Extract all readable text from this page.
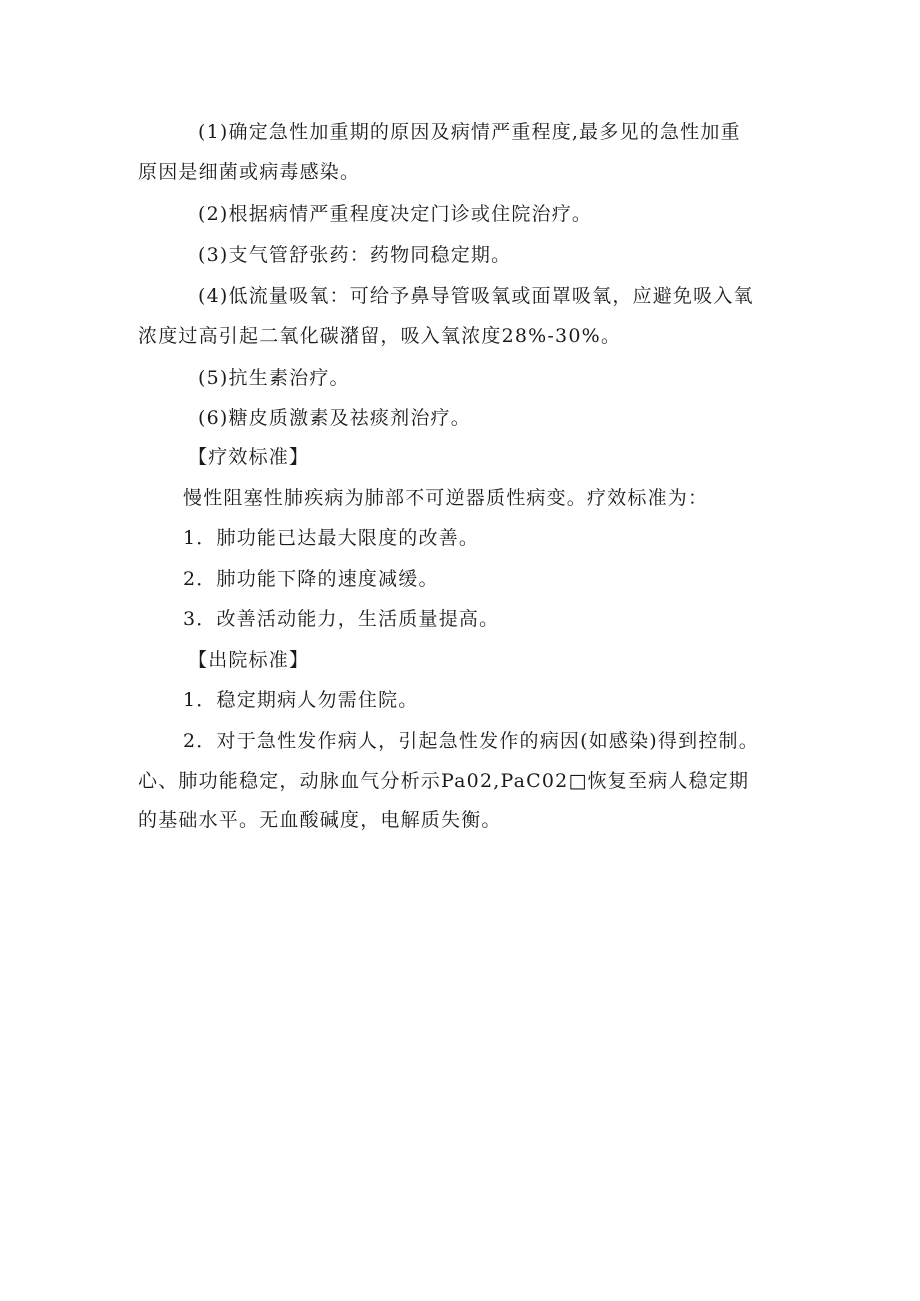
(1)确定急性加重期的原因及病情严重程度,最多见的急性加重
原因是细菌或病毒感染。
(2)根据病情严重程度决定门诊或住院治疗。
(3)支气管舒张药：药物同稳定期。
(4)低流量吸氧：可给予鼻导管吸氧或面罩吸氧，应避免吸入氧
浓度过高引起二氧化碳潴留，吸入氧浓度28%-30%。
(5)抗生素治疗。
(6)糖皮质激素及祛痰剂治疗。
【疗效标准】
慢性阻塞性肺疾病为肺部不可逆器质性病变。疗效标准为：
1．肺功能已达最大限度的改善。
2．肺功能下降的速度减缓。
3．改善活动能力，生活质量提高。
【出院标准】
1．稳定期病人勿需住院。
2．对于急性发作病人，引起急性发作的病因(如感染)得到控制。
心、肺功能稳定，动脉血气分析示Pa02,PaC02□恢复至病人稳定期
的基础水平。无血酸碱度，电解质失衡。
